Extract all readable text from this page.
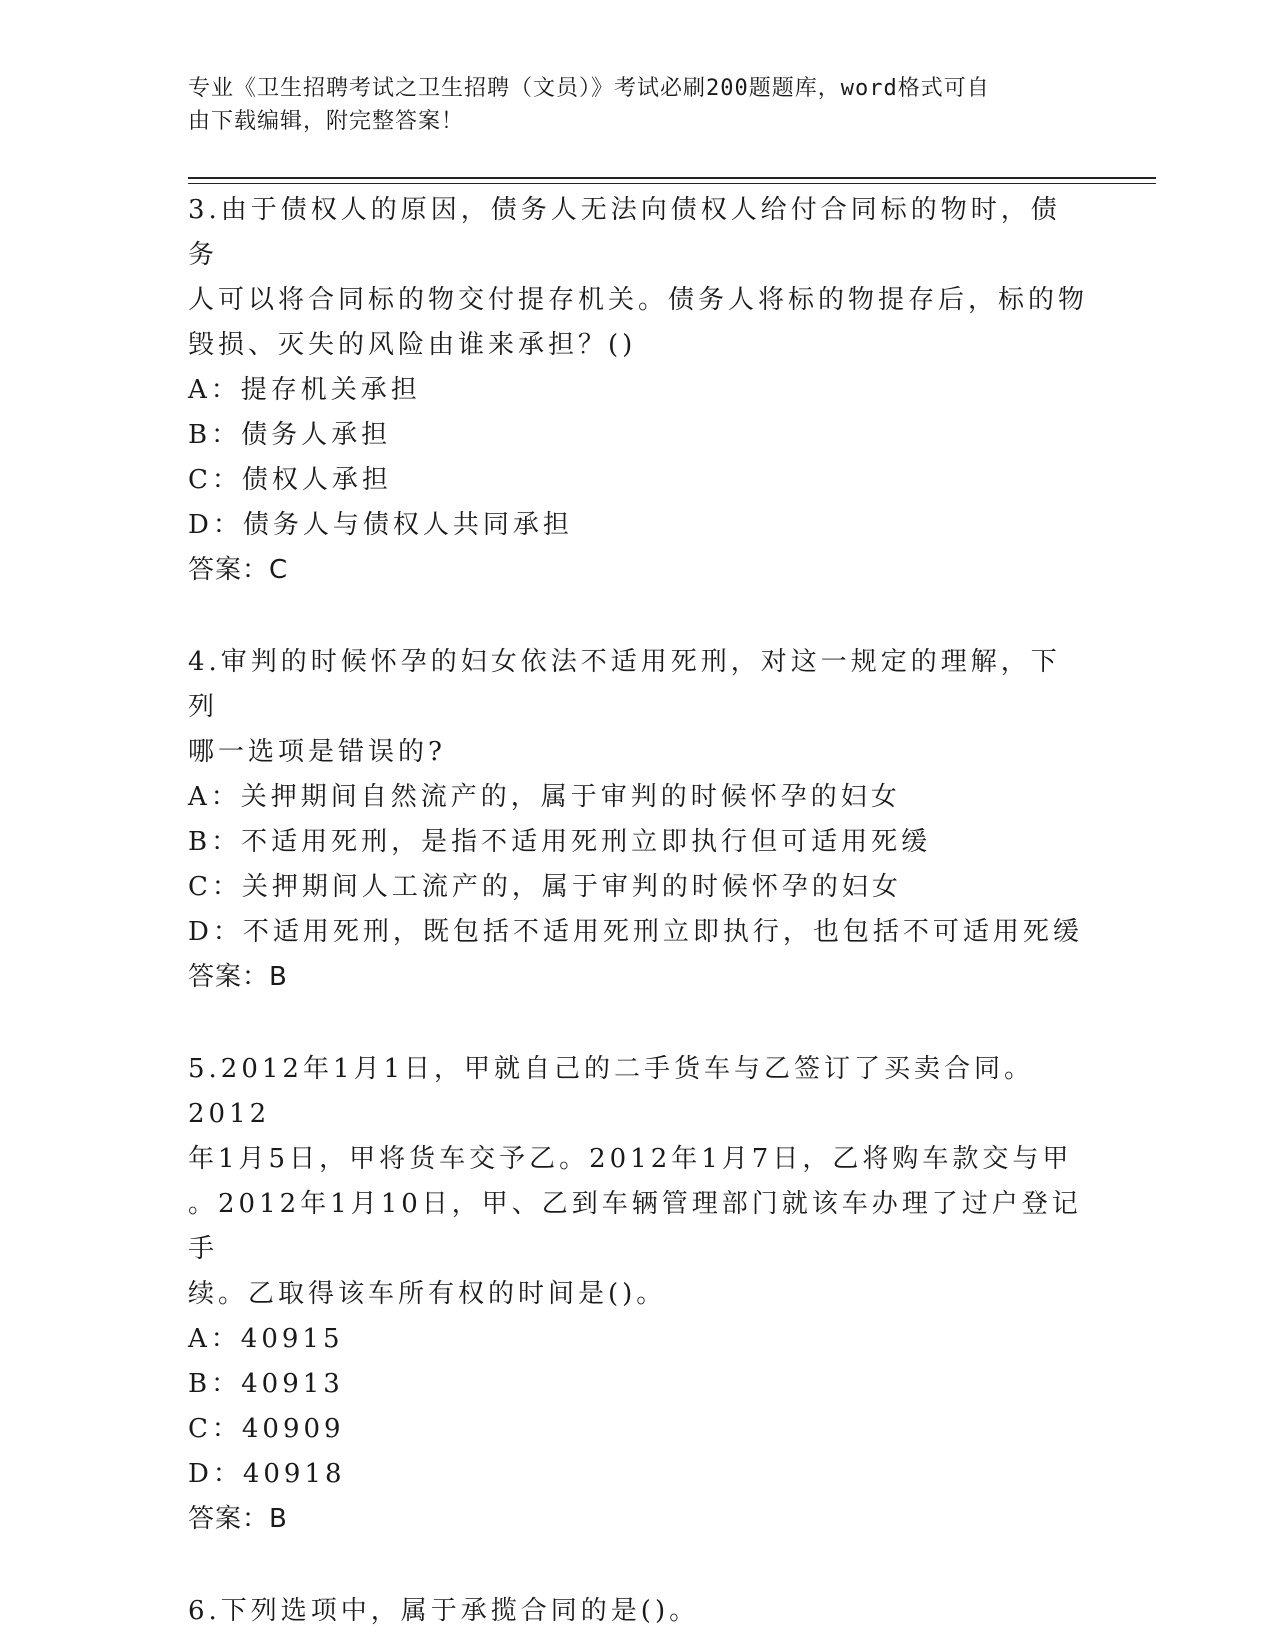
专业《卫生招聘考试之卫生招聘（文员）》考试必刷200题题库，word格式可自
由下载编辑，附完整答案！
3.由于债权人的原因，债务人无法向债权人给付合同标的物时，债务
人可以将合同标的物交付提存机关。债务人将标的物提存后，标的物
毁损、灭失的风险由谁来承担？()
A：提存机关承担
B：债务人承担
C：债权人承担
D：债务人与债权人共同承担
答案：C
4.审判的时候怀孕的妇女依法不适用死刑，对这一规定的理解，下列
哪一选项是错误的?
A：关押期间自然流产的，属于审判的时候怀孕的妇女
B：不适用死刑，是指不适用死刑立即执行但可适用死缓
C：关押期间人工流产的，属于审判的时候怀孕的妇女
D：不适用死刑，既包括不适用死刑立即执行，也包括不可适用死缓
答案：B
5.2012年1月1日，甲就自己的二手货车与乙签订了买卖合同。2012
年1月5日，甲将货车交予乙。2012年1月7日，乙将购车款交与甲
。2012年1月10日，甲、乙到车辆管理部门就该车办理了过户登记手
续。乙取得该车所有权的时间是()。
A：40915
B：40913
C：40909
D：40918
答案：B
6.下列选项中，属于承揽合同的是()。
